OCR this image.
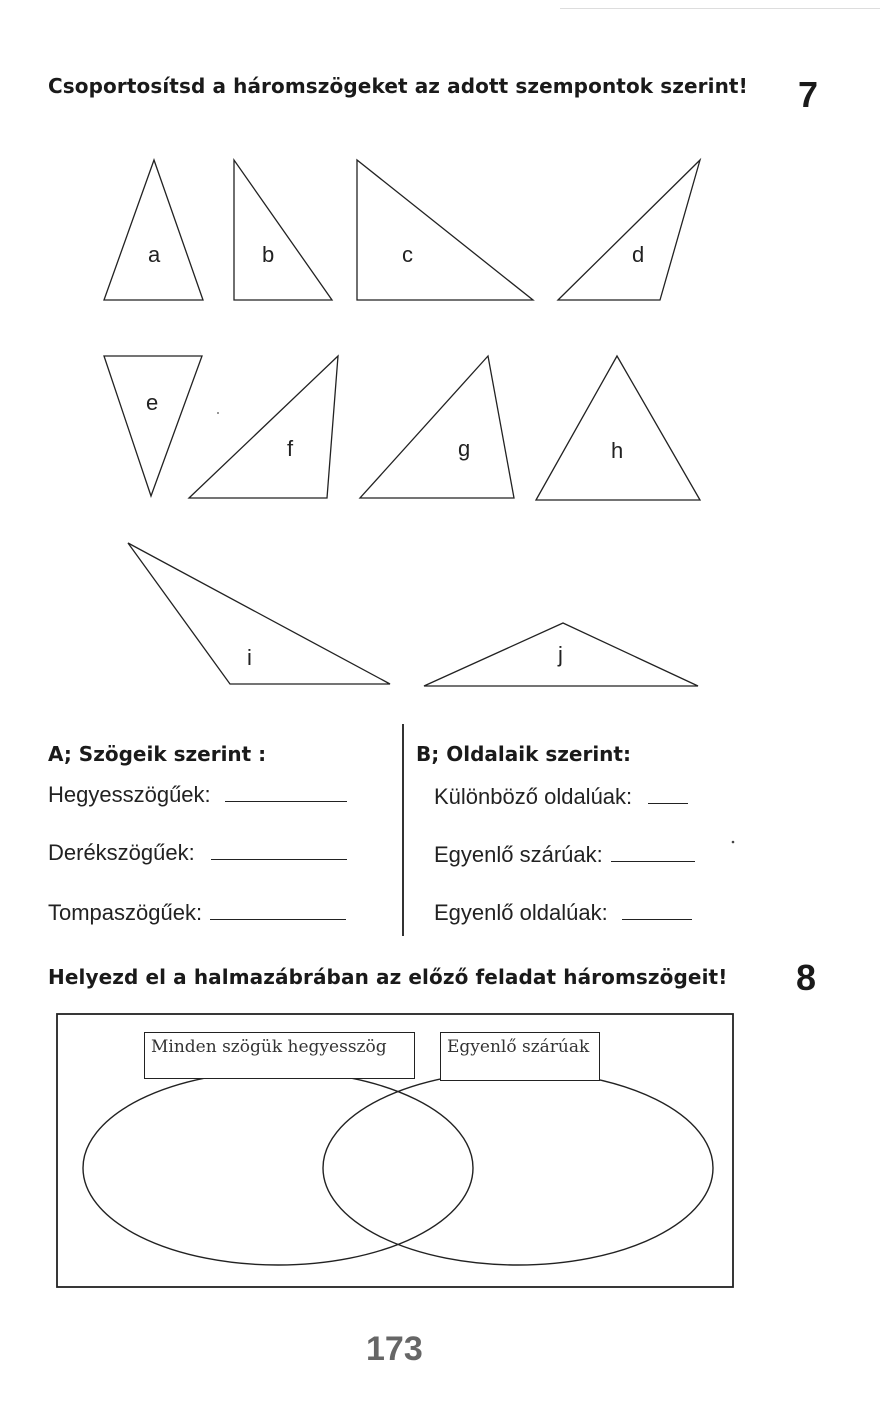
Csoportosítsd a háromszögeket az adott szempontok szerint! 7
a	b	c	d
e
f	g	h
i	j
A; Szögeik szerint :
Hegyesszögűek:
Derékszögűek:
Tompaszögűek:
B; Oldalaik szerint:
Különböző oldalúak:
Egyenlő szárúak:
Egyenlő oldalúak:
Helyezd el a halmazábrában az előző feladat háromszögeit! 8
Minden szögük hegyesszög	Egyenlő szárúak
173
